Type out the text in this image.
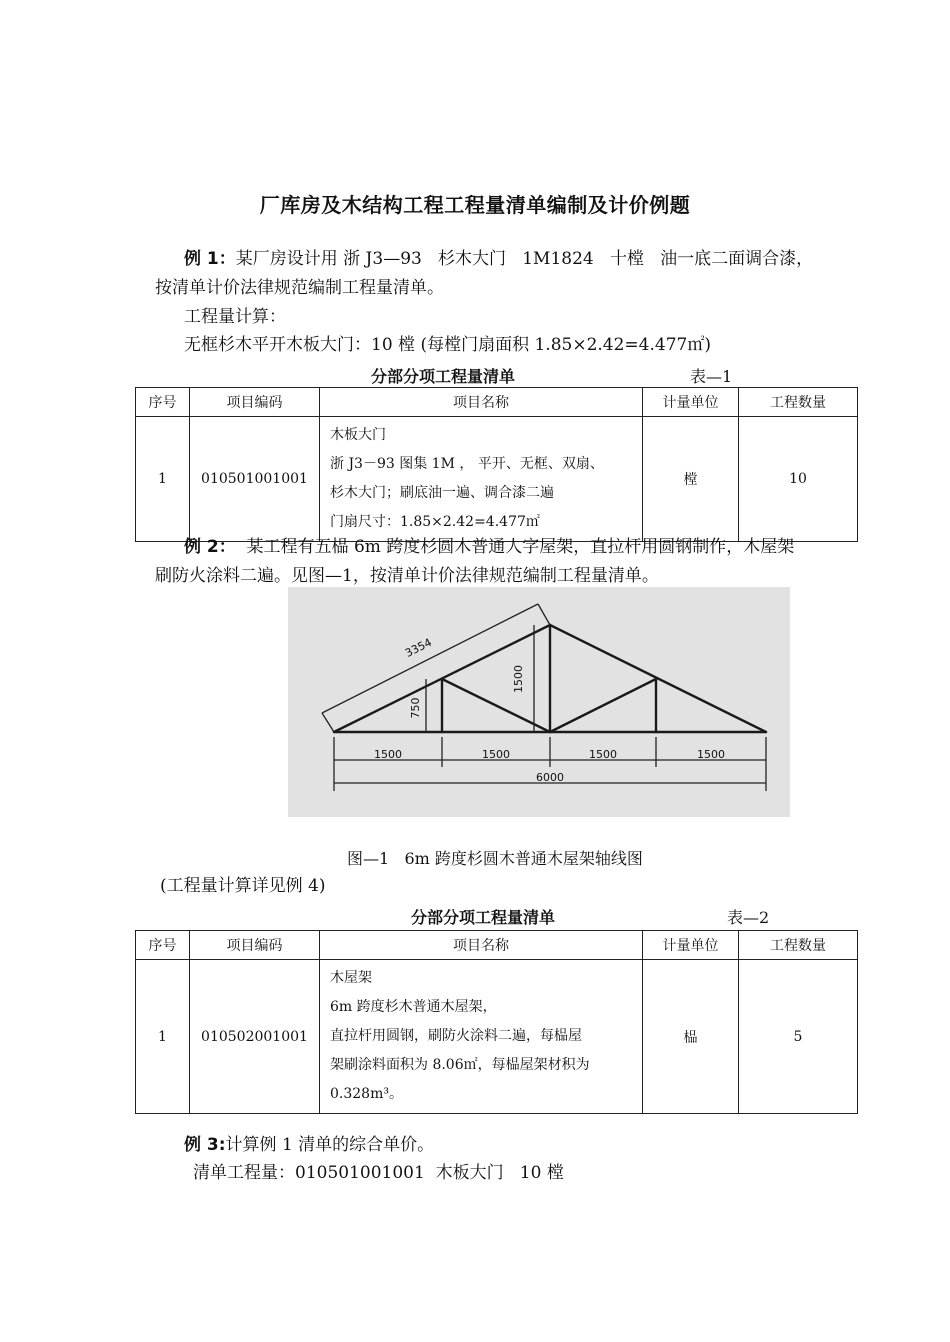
厂库房及木结构工程工程量清单编制及计价例题
例 1：某厂房设计用 浙 J3—93   杉木大门   1M1824   十樘   油一底二面调合漆，
按清单计价法律规范编制工程量清单。
工程量计算：
无框杉木平开木板大门：10 樘 (每樘门扇面积 1.85×2.42=4.477㎡)
分部分项工程量清单	表—1
序号	项目编码	项目名称	计量单位	工程数量
1	010501001001	木板大门
浙 J3－93 图集 1M ， 平开、无框、双扇、
杉木大门；刷底油一遍、调合漆二遍
门扇尺寸：1.85×2.42=4.477㎡	樘	10
例 2：  某工程有五榀 6m 跨度杉圆木普通人字屋架，直拉杆用圆钢制作，木屋架
刷防火涂料二遍。见图—1，按清单计价法律规范编制工程量清单。
3354
1500
750
1500	1500	1500	1500
6000
图—1   6m 跨度杉圆木普通木屋架轴线图
(工程量计算详见例 4)
分部分项工程量清单	表—2
序号	项目编码	项目名称	计量单位	工程数量
1	010502001001	木屋架
6m 跨度杉木普通木屋架，
直拉杆用圆钢，刷防火涂料二遍，每榀屋
架刷涂料面积为 8.06㎡，每榀屋架材积为
0.328m³。	榀	5
例 3:计算例 1 清单的综合单价。
清单工程量：010501001001  木板大门   10 樘
